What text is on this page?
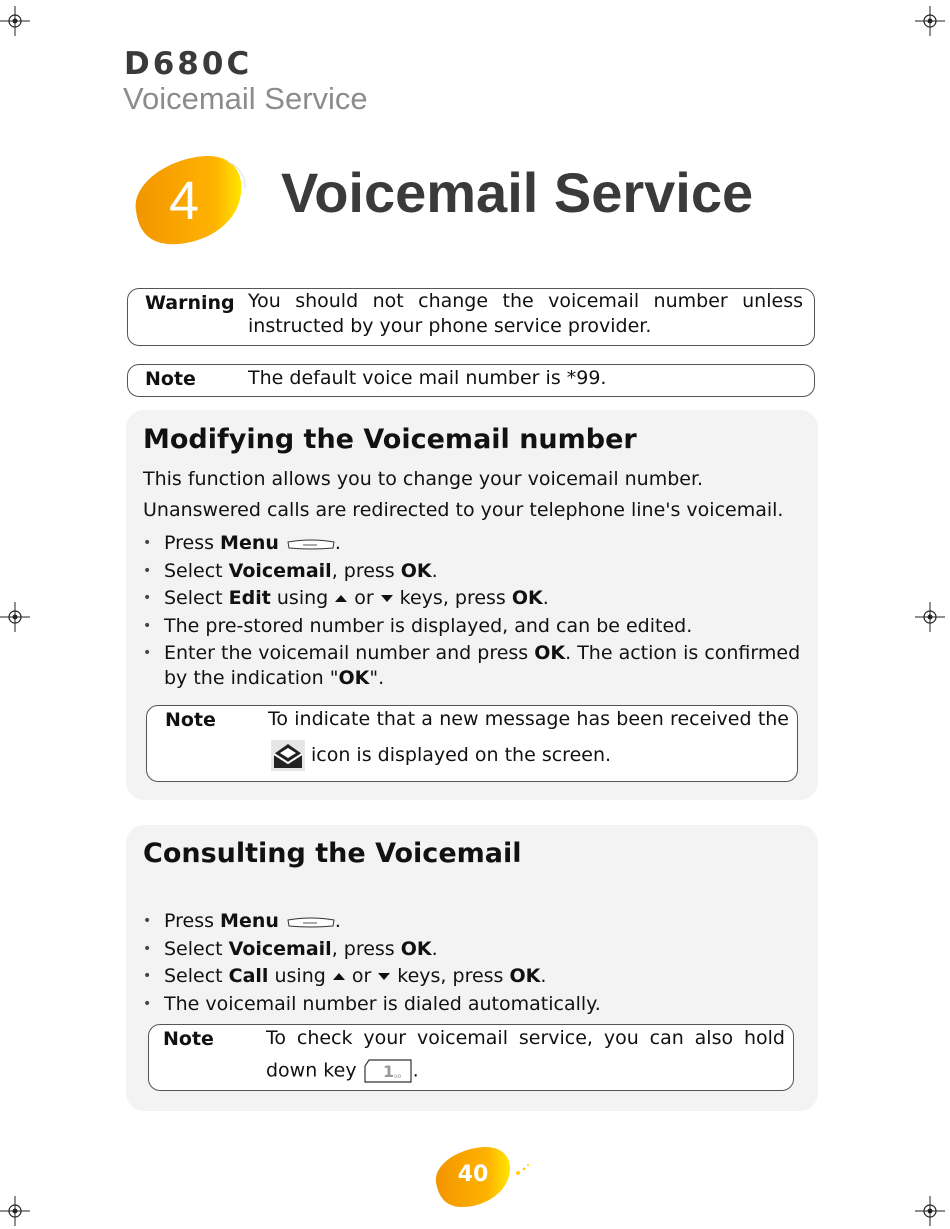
D680C
Voicemail Service
4	Voicemail Service
Warning You should not change the voicemail number unless instructed by your phone service provider.
Note	The default voice mail number is *99.
Modifying the Voicemail number
This function allows you to change your voicemail number.
Unanswered calls are redirected to your telephone line's voicemail.
• Press Menu	.
• Select Voicemail, press OK.
• Select Edit using or keys, press OK.
• The pre-stored number is displayed, and can be edited.
• Enter the voicemail number and press OK. The action is confirmed by the indication "OK".
Note	To indicate that a new message has been received the
icon is displayed on the screen.
Consulting the Voicemail
• Press Menu	.
• Select Voicemail, press OK.
• Select Call using or keys, press OK.
• The voicemail number is dialed automatically.
Note	To check your voicemail service, you can also hold
down key 1 oo .
40
